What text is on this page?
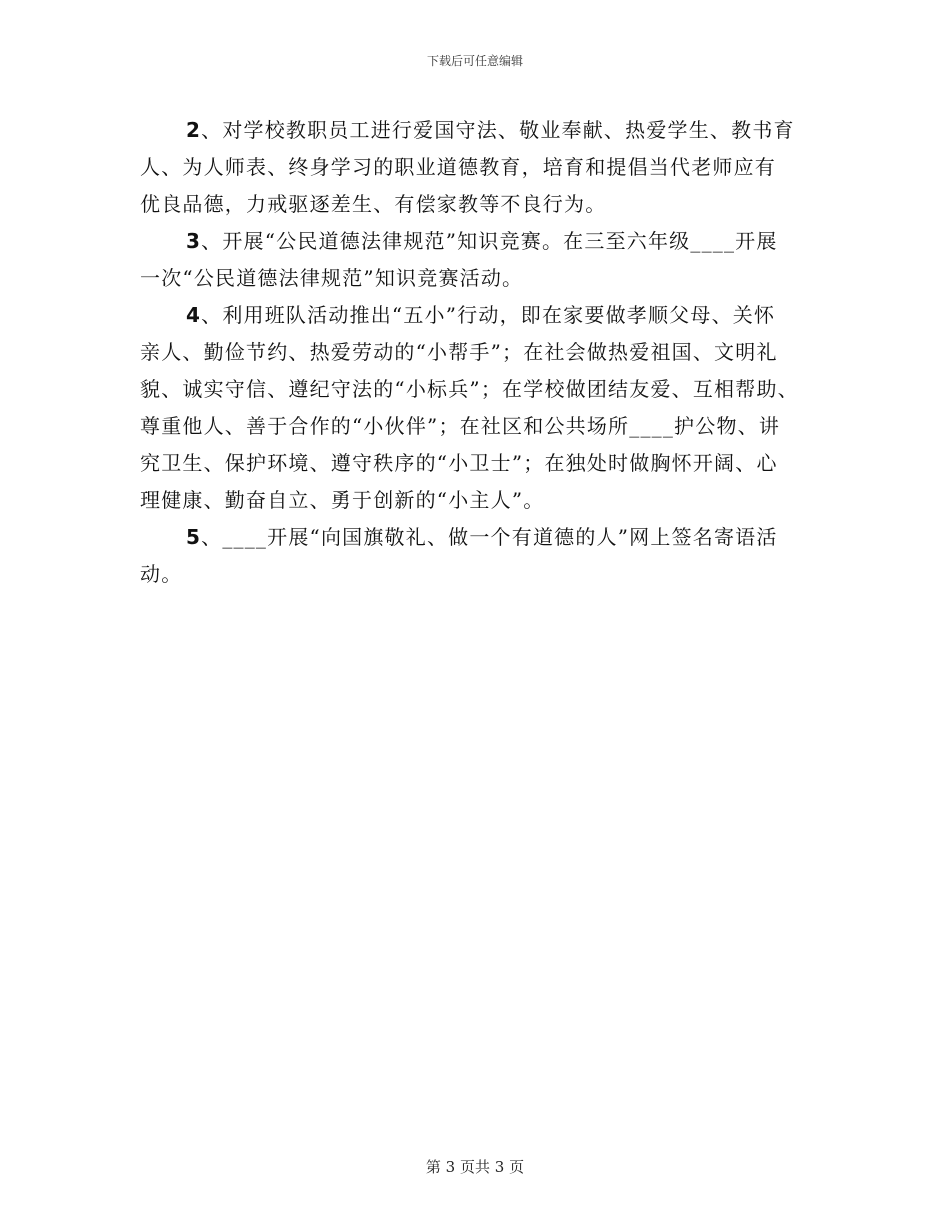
下载后可任意编辑

2、对学校教职员工进行爱国守法、敬业奉献、热爱学生、教书育
人、为人师表、终身学习的职业道德教育，培育和提倡当代老师应有
优良品德，力戒驱逐差生、有偿家教等不良行为。

3、开展“公民道德法律规范”知识竞赛。在三至六年级____开展
一次“公民道德法律规范”知识竞赛活动。

4、利用班队活动推出“五小”行动，即在家要做孝顺父母、关怀
亲人、勤俭节约、热爱劳动的“小帮手”；在社会做热爱祖国、文明礼
貌、诚实守信、遵纪守法的“小标兵”；在学校做团结友爱、互相帮助、
尊重他人、善于合作的“小伙伴”；在社区和公共场所____护公物、讲
究卫生、保护环境、遵守秩序的“小卫士”；在独处时做胸怀开阔、心
理健康、勤奋自立、勇于创新的“小主人”。

5、____开展“向国旗敬礼、做一个有道德的人”网上签名寄语活
动。

第 3 页共 3 页
